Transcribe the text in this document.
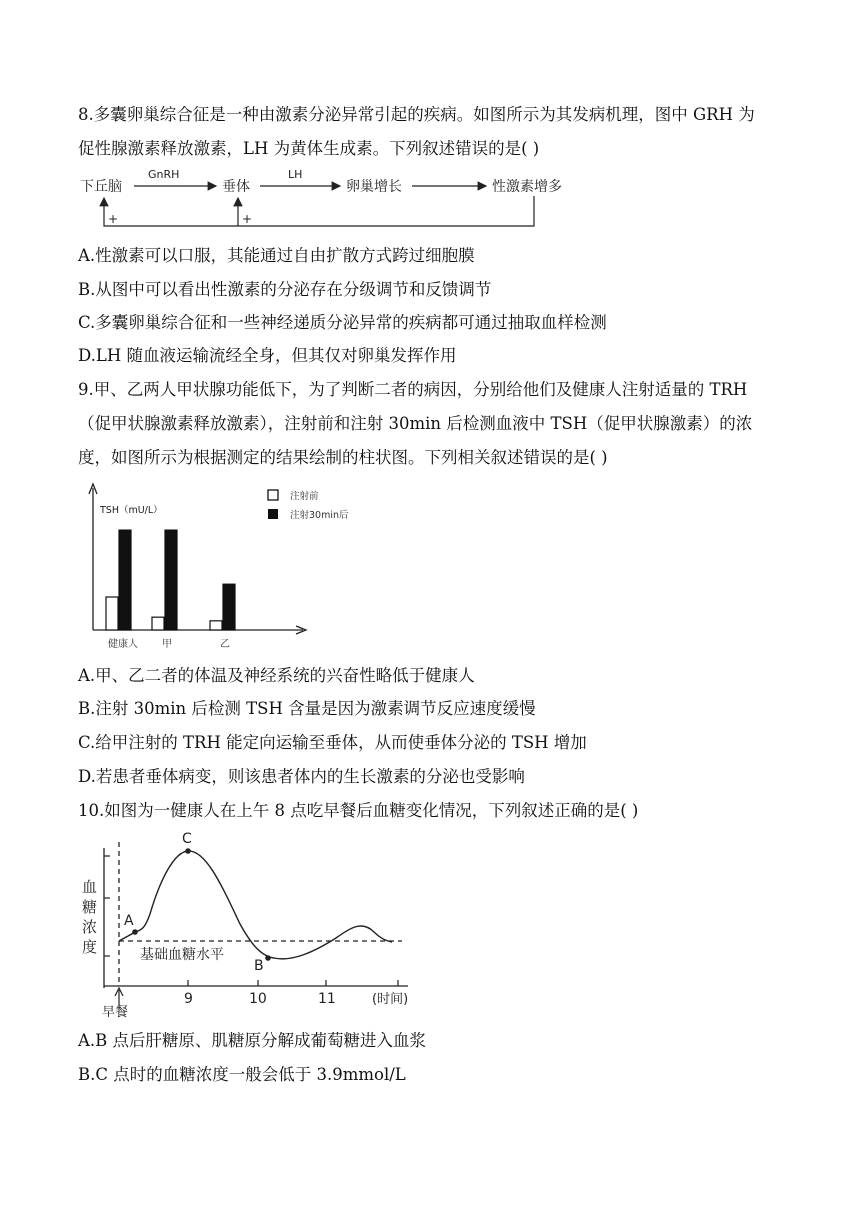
8.多囊卵巢综合征是一种由激素分泌异常引起的疾病。如图所示为其发病机理，图中 GRH 为

促性腺激素释放激素，LH 为黄体生成素。下列叙述错误的是( )

下丘脑	垂体	卵巢增长	性激素增多
GnRH	LH
+	+

A.性激素可以口服，其能通过自由扩散方式跨过细胞膜

B.从图中可以看出性激素的分泌存在分级调节和反馈调节

C.多囊卵巢综合征和一些神经递质分泌异常的疾病都可通过抽取血样检测

D.LH 随血液运输流经全身，但其仅对卵巢发挥作用

9.甲、乙两人甲状腺功能低下，为了判断二者的病因，分别给他们及健康人注射适量的 TRH

（促甲状腺激素释放激素），注射前和注射 30min 后检测血液中 TSH（促甲状腺激素）的浓

度，如图所示为根据测定的结果绘制的柱状图。下列相关叙述错误的是( )

TSH（mU/L）
健康人 甲	乙
注射前
注射30min后

A.甲、乙二者的体温及神经系统的兴奋性略低于健康人

B.注射 30min 后检测 TSH 含量是因为激素调节反应速度缓慢

C.给甲注射的 TRH 能定向运输至垂体，从而使垂体分泌的 TSH 增加

D.若患者垂体病变，则该患者体内的生长激素的分泌也受影响

10.如图为一健康人在上午 8 点吃早餐后血糖变化情况，下列叙述正确的是( )

血
糖
浓
度
9	10	11	(时间)
早餐
基础血糖水平
A
C
B

A.B 点后肝糖原、肌糖原分解成葡萄糖进入血浆

B.C 点时的血糖浓度一般会低于 3.9mmol/L
